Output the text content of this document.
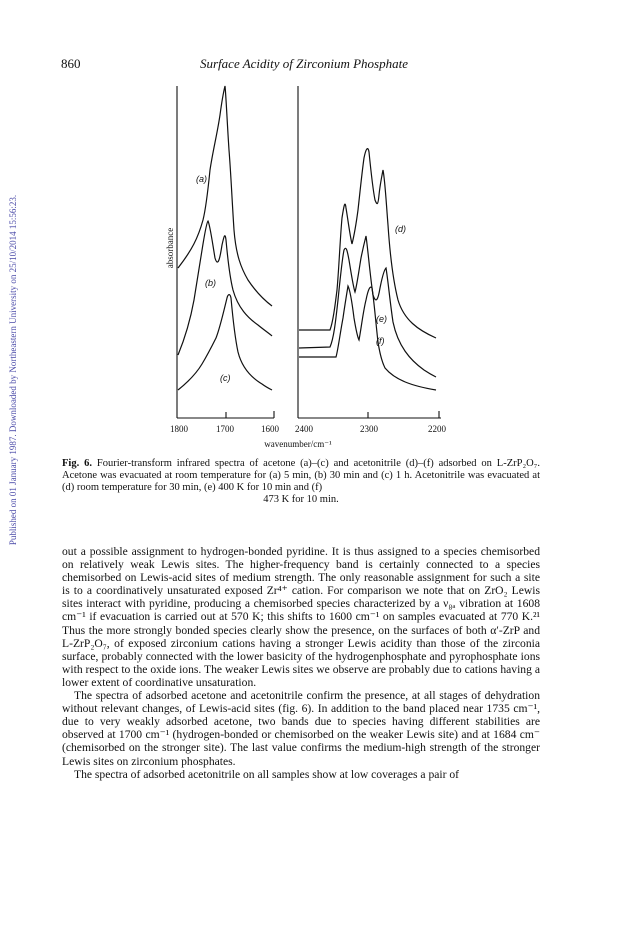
Published on 01 January 1987. Downloaded by Northeastern University on 25/10/2014 15:56:23.
860	Surface Acidity of Zirconium Phosphate
absorbance
(a)
(b)
(c)
(d)
(e)
(f)
1800	1700	1600 2400	2300	2200
wavenumber/cm⁻¹
Fig. 6. Fourier-transform infrared spectra of acetone (a)–(c) and acetonitrile (d)–(f) adsorbed on L-ZrP₂O₇. Acetone was evacuated at room temperature for (a) 5 min, (b) 30 min and (c) 1 h. Acetonitrile was evacuated at (d) room temperature for 30 min, (e) 400 K for 10 min and (f)
473 K for 10 min.

out a possible assignment to hydrogen-bonded pyridine. It is thus assigned to a species chemisorbed on relatively weak Lewis sites. The higher-frequency band is certainly connected to a species chemisorbed on Lewis-acid sites of medium strength. The only reasonable assignment for such a site is to a coordinatively unsaturated exposed Zr⁴⁺ cation. For comparison we note that on ZrO₂ Lewis sites interact with pyridine, producing a chemisorbed species characterized by a ν₈ₐ vibration at 1608 cm⁻¹ if evacuation is carried out at 570 K; this shifts to 1600 cm⁻¹ on samples evacuated at 770 K.²¹ Thus the more strongly bonded species clearly show the presence, on the surfaces of both α′-ZrP and L-ZrP₂O₇, of exposed zirconium cations having a stronger Lewis acidity than those of the zirconia surface, probably connected with the lower basicity of the hydrogenphosphate and pyrophosphate ions with respect to the oxide ions. The weaker Lewis sites we observe are probably due to cations having a lower extent of coordinative unsaturation.

The spectra of adsorbed acetone and acetonitrile confirm the presence, at all stages of dehydration without relevant changes, of Lewis-acid sites (fig. 6). In addition to the band placed near 1735 cm⁻¹, due to very weakly adsorbed acetone, two bands due to species having different stabilities are observed at 1700 cm⁻¹ (hydrogen-bonded or chemisorbed on the weaker Lewis site) and at 1684 cm⁻ (chemisorbed on the stronger site). The last value confirms the medium-high strength of the stronger Lewis sites on zirconium phosphates.

The spectra of adsorbed acetonitrile on all samples show at low coverages a pair of
